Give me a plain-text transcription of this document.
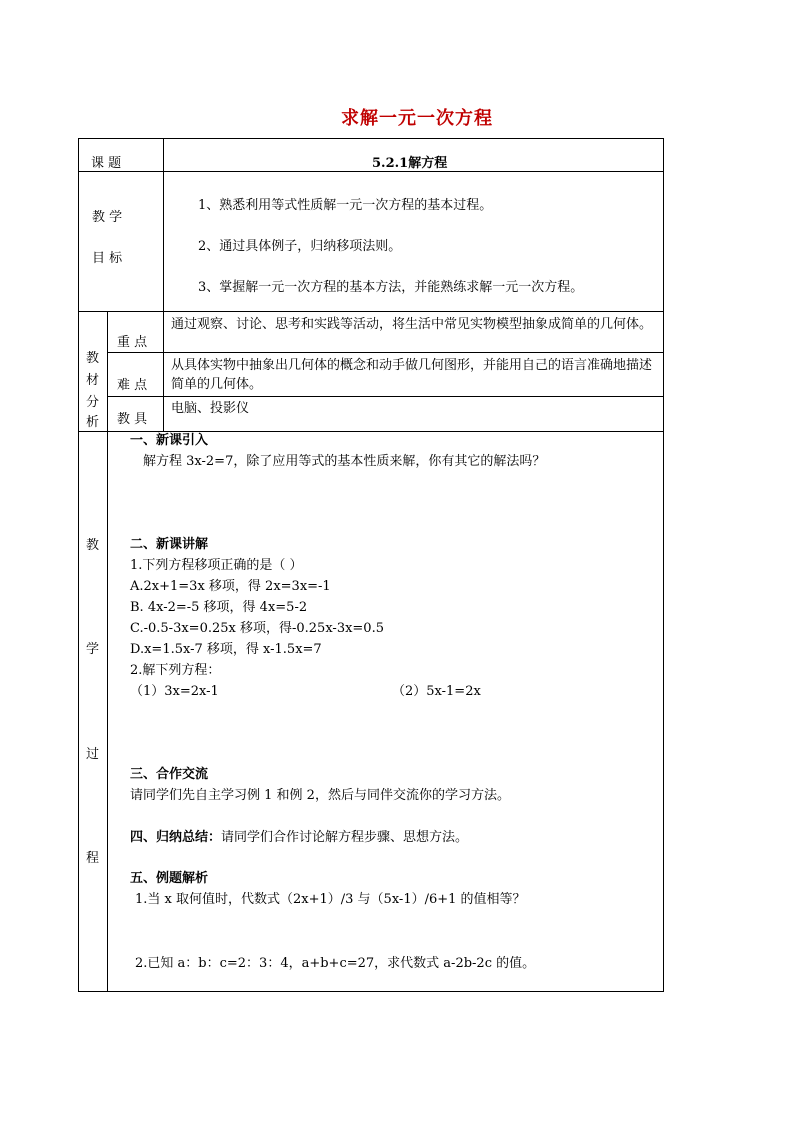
求解一元一次方程
课 题	5.2.1解方程
教 学
目 标
1、熟悉利用等式性质解一元一次方程的基本过程。
2、通过具体例子，归纳移项法则。
3、掌握解一元一次方程的基本方法，并能熟练求解一元一次方程。
教
材
分
析
重 点
通过观察、讨论、思考和实践等活动，将生活中常见实物模型抽象成简单的几何体。
难 点
从具体实物中抽象出几何体的概念和动手做几何图形，并能用自己的语言准确地描述简单的几何体。
教 具
电脑、投影仪
教
学
过
程
一、新课引入
解方程 3x-2=7，除了应用等式的基本性质来解，你有其它的解法吗？
二、新课讲解
1.下列方程移项正确的是（ ）
A.2x+1=3x 移项，得 2x=3x=-1
B. 4x-2=-5 移项，得 4x=5-2
C.-0.5-3x=0.25x 移项，得-0.25x-3x=0.5
D.x=1.5x-7 移项，得 x-1.5x=7
2.解下列方程：
（1）3x=2x-1	（2）5x-1=2x
三、合作交流
请同学们先自主学习例 1 和例 2，然后与同伴交流你的学习方法。
四、归纳总结：请同学们合作讨论解方程步骤、思想方法。
五、例题解析
1.当 x 取何值时，代数式（2x+1）/3 与（5x-1）/6+1 的值相等？
2.已知 a：b：c=2：3：4，a+b+c=27，求代数式 a-2b-2c 的值。
